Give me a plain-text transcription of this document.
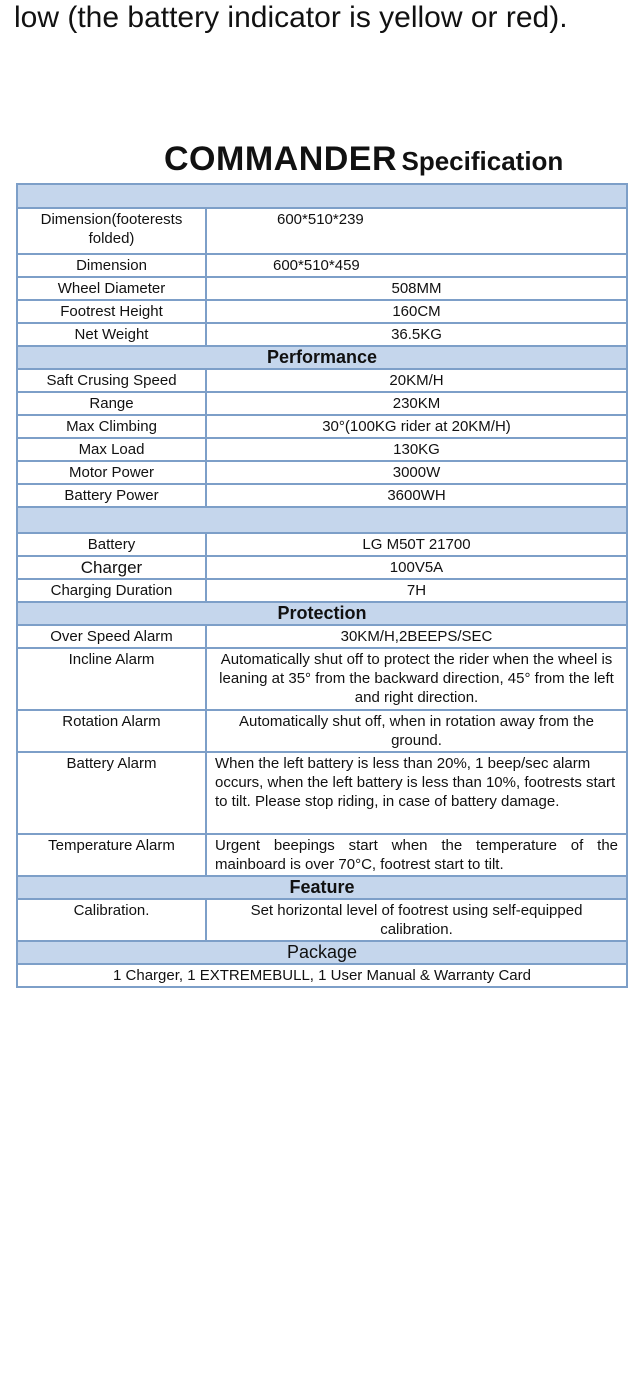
low (the battery indicator is yellow or red).
COMMANDER Specification

Dimension(footerests folded)	600*510*239
Dimension	600*510*459
Wheel Diameter	508MM
Footrest Height	160CM
Net Weight	36.5KG
Performance	
Saft Crusing Speed	20KM/H
Range	230KM
Max Climbing	30°(100KG rider at 20KM/H)
Max Load	130KG
Motor Power	3000W
Battery Power	3600WH

Battery	LG M50T 21700
Charger	100V5A
Charging Duration	7H
Protection	
Over Speed Alarm	30KM/H,2BEEPS/SEC
Incline Alarm	Automatically shut off to protect the rider when the wheel is leaning at 35° from the backward direction, 45° from the left and right direction.
Rotation Alarm	Automatically shut off, when in rotation away from the ground.
Battery Alarm	When the left battery is less than 20%, 1 beep/sec alarm occurs, when the left battery is less than 10%, footrests start to tilt. Please stop riding, in case of battery damage.
Temperature Alarm	Urgent beepings start when the temperature of the mainboard is over 70°C, footrest start to tilt.
Feature	
Calibration.	Set horizontal level of footrest using self-equipped calibration.
Package	
1 Charger, 1 EXTREMEBULL, 1 User Manual & Warranty Card	
